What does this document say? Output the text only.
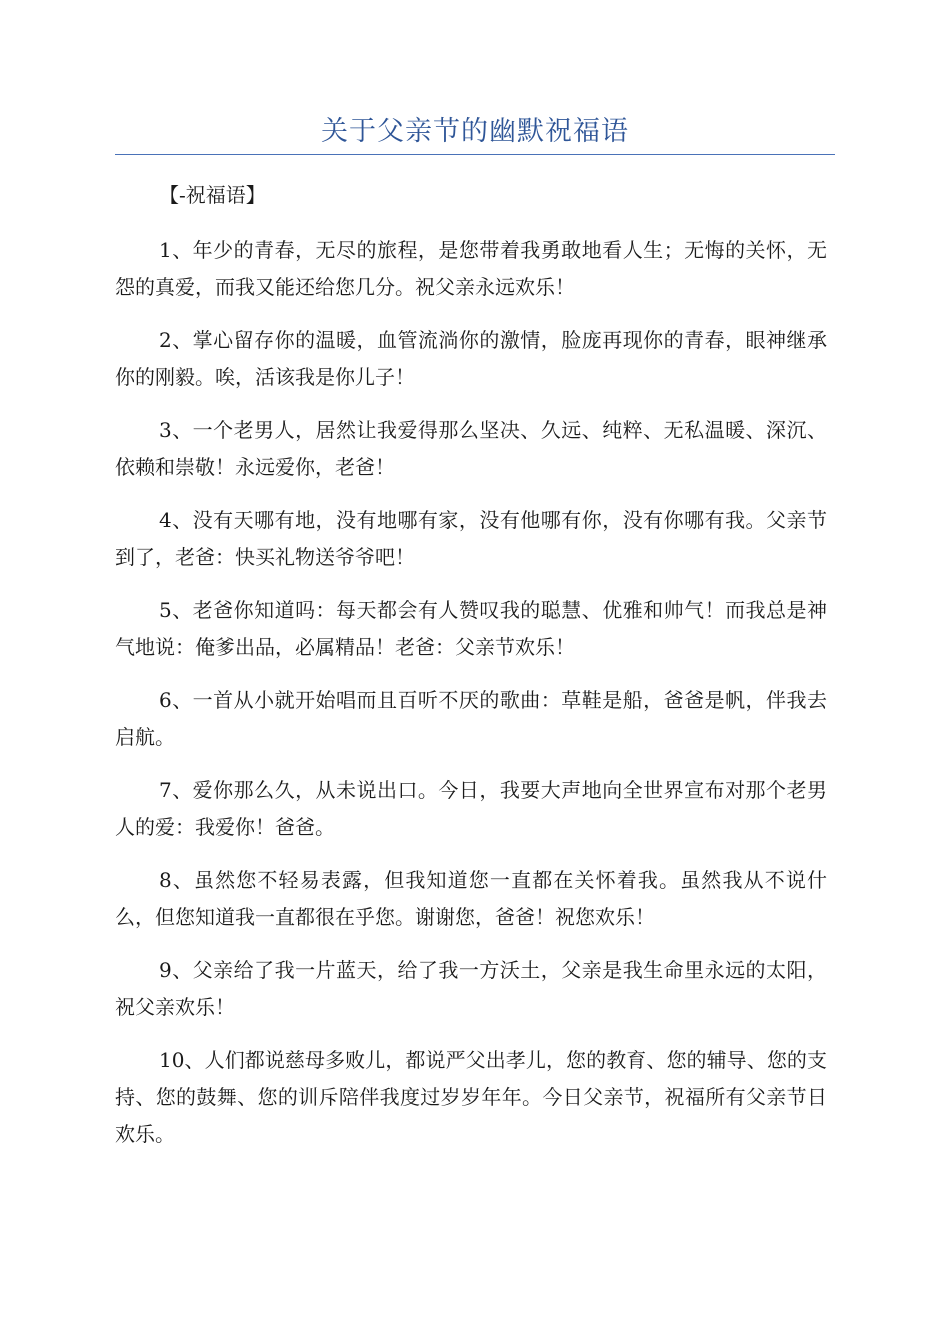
关于父亲节的幽默祝福语

【-祝福语】

1、年少的青春，无尽的旅程，是您带着我勇敢地看人生；无悔的关怀，无怨的真爱，而我又能还给您几分。祝父亲永远欢乐！

2、掌心留存你的温暖，血管流淌你的激情，脸庞再现你的青春，眼神继承你的刚毅。唉，活该我是你儿子！

3、一个老男人，居然让我爱得那么坚决、久远、纯粹、无私温暖、深沉、依赖和崇敬！永远爱你，老爸！

4、没有天哪有地，没有地哪有家，没有他哪有你，没有你哪有我。父亲节到了，老爸：快买礼物送爷爷吧！

5、老爸你知道吗：每天都会有人赞叹我的聪慧、优雅和帅气！而我总是神气地说：俺爹出品，必属精品！老爸：父亲节欢乐！

6、一首从小就开始唱而且百听不厌的歌曲：草鞋是船，爸爸是帆，伴我去启航。

7、爱你那么久，从未说出口。今日，我要大声地向全世界宣布对那个老男人的爱：我爱你！爸爸。

8、虽然您不轻易表露，但我知道您一直都在关怀着我。虽然我从不说什么，但您知道我一直都很在乎您。谢谢您，爸爸！祝您欢乐！

9、父亲给了我一片蓝天，给了我一方沃土，父亲是我生命里永远的太阳，祝父亲欢乐！

10、人们都说慈母多败儿，都说严父出孝儿，您的教育、您的辅导、您的支持、您的鼓舞、您的训斥陪伴我度过岁岁年年。今日父亲节，祝福所有父亲节日欢乐。
